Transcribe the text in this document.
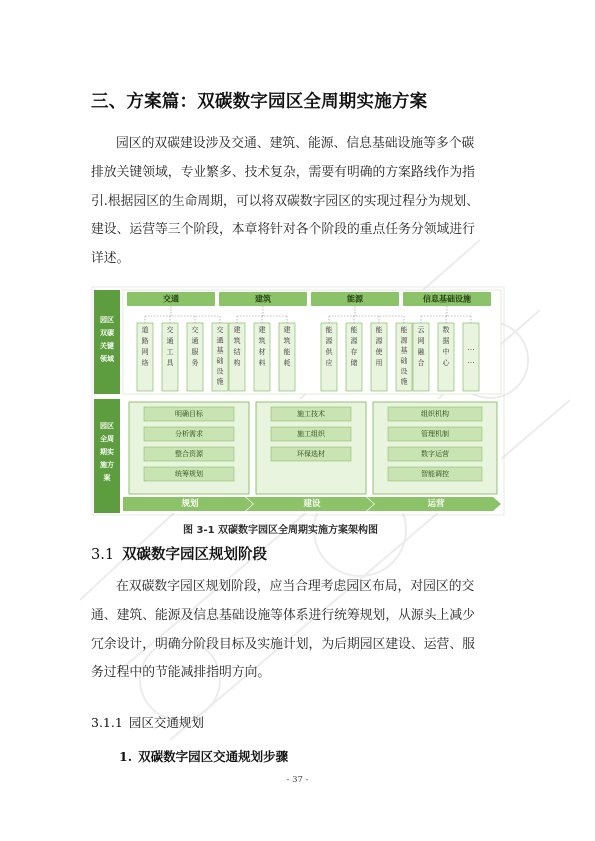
三、方案篇：双碳数字园区全周期实施方案
园区的双碳建设涉及交通、建筑、能源、信息基础设施等多个碳
排放关键领域，专业繁多、技术复杂，需要有明确的方案路线作为指
引.根据园区的生命周期，可以将双碳数字园区的实现过程分为规划、
建设、运营等三个阶段，本章将针对各个阶段的重点任务分领域进行
详述。
园区
双碳
关键
领域
园区
全周
期实
施方
案
交通
道
路
网
络
交
通
工
具
交
通
服
务
交
通
基
础
设
施
建筑
建
筑
结
构
建
筑
材
料
建
筑
能
耗
能源
能
源
供
应
能
源
存
储
能
源
使
用
能
源
基
础
设
施
信息基础设施
云
网
融
合
数
据
中
心
…
…
明确目标
分析需求
整合资源
统筹规划
施工技术
施工组织
环保选材
组织机构
管理机制
数字运营
智能调控
规划	建设	运营
图 3-1 双碳数字园区全周期实施方案架构图
3.1 双碳数字园区规划阶段
在双碳数字园区规划阶段，应当合理考虑园区布局，对园区的交
通、建筑、能源及信息基础设施等体系进行统筹规划，从源头上减少
冗余设计，明确分阶段目标及实施计划，为后期园区建设、运营、服
务过程中的节能减排指明方向。
3.1.1 园区交通规划
1. 双碳数字园区交通规划步骤
- 37 -
